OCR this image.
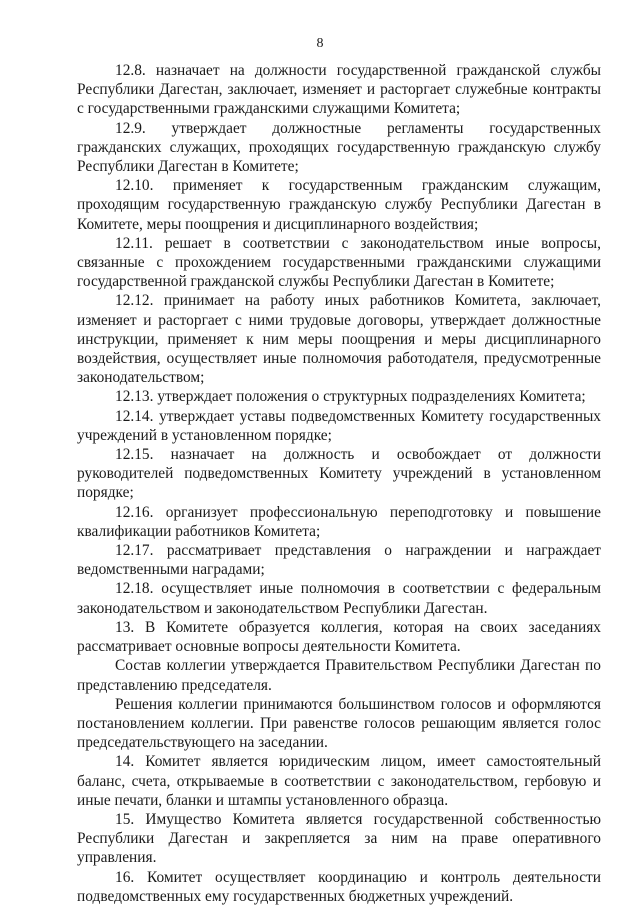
8

12.8. назначает на должности государственной гражданской службы Республики Дагестан, заключает, изменяет и расторгает служебные контракты с государственными гражданскими служащими Комитета;

12.9. утверждает должностные регламенты государственных гражданских служащих, проходящих государственную гражданскую службу Республики Дагестан в Комитете;

12.10. применяет к государственным гражданским служащим, проходящим государственную гражданскую службу Республики Дагестан в Комитете, меры поощрения и дисциплинарного воздействия;

12.11. решает в соответствии с законодательством иные вопросы, связанные с прохождением государственными гражданскими служащими государственной гражданской службы Республики Дагестан в Комитете;

12.12. принимает на работу иных работников Комитета, заключает, изменяет и расторгает с ними трудовые договоры, утверждает должностные инструкции, применяет к ним меры поощрения и меры дисциплинарного воздействия, осуществляет иные полномочия работодателя, предусмотренные законодательством;

12.13. утверждает положения о структурных подразделениях Комитета;

12.14. утверждает уставы подведомственных Комитету государственных учреждений в установленном порядке;

12.15. назначает на должность и освобождает от должности руководителей подведомственных Комитету учреждений в установленном порядке;

12.16. организует профессиональную переподготовку и повышение квалификации работников Комитета;

12.17. рассматривает представления о награждении и награждает ведомственными наградами;

12.18. осуществляет иные полномочия в соответствии с федеральным законодательством и законодательством Республики Дагестан.

13. В Комитете образуется коллегия, которая на своих заседаниях рассматривает основные вопросы деятельности Комитета.

Состав коллегии утверждается Правительством Республики Дагестан по представлению председателя.

Решения коллегии принимаются большинством голосов и оформляются постановлением коллегии. При равенстве голосов решающим является голос председательствующего на заседании.

14. Комитет является юридическим лицом, имеет самостоятельный баланс, счета, открываемые в соответствии с законодательством, гербовую и иные печати, бланки и штампы установленного образца.

15. Имущество Комитета является государственной собственностью Республики Дагестан и закрепляется за ним на праве оперативного управления.

16. Комитет осуществляет координацию и контроль деятельности подведомственных ему государственных бюджетных учреждений.
